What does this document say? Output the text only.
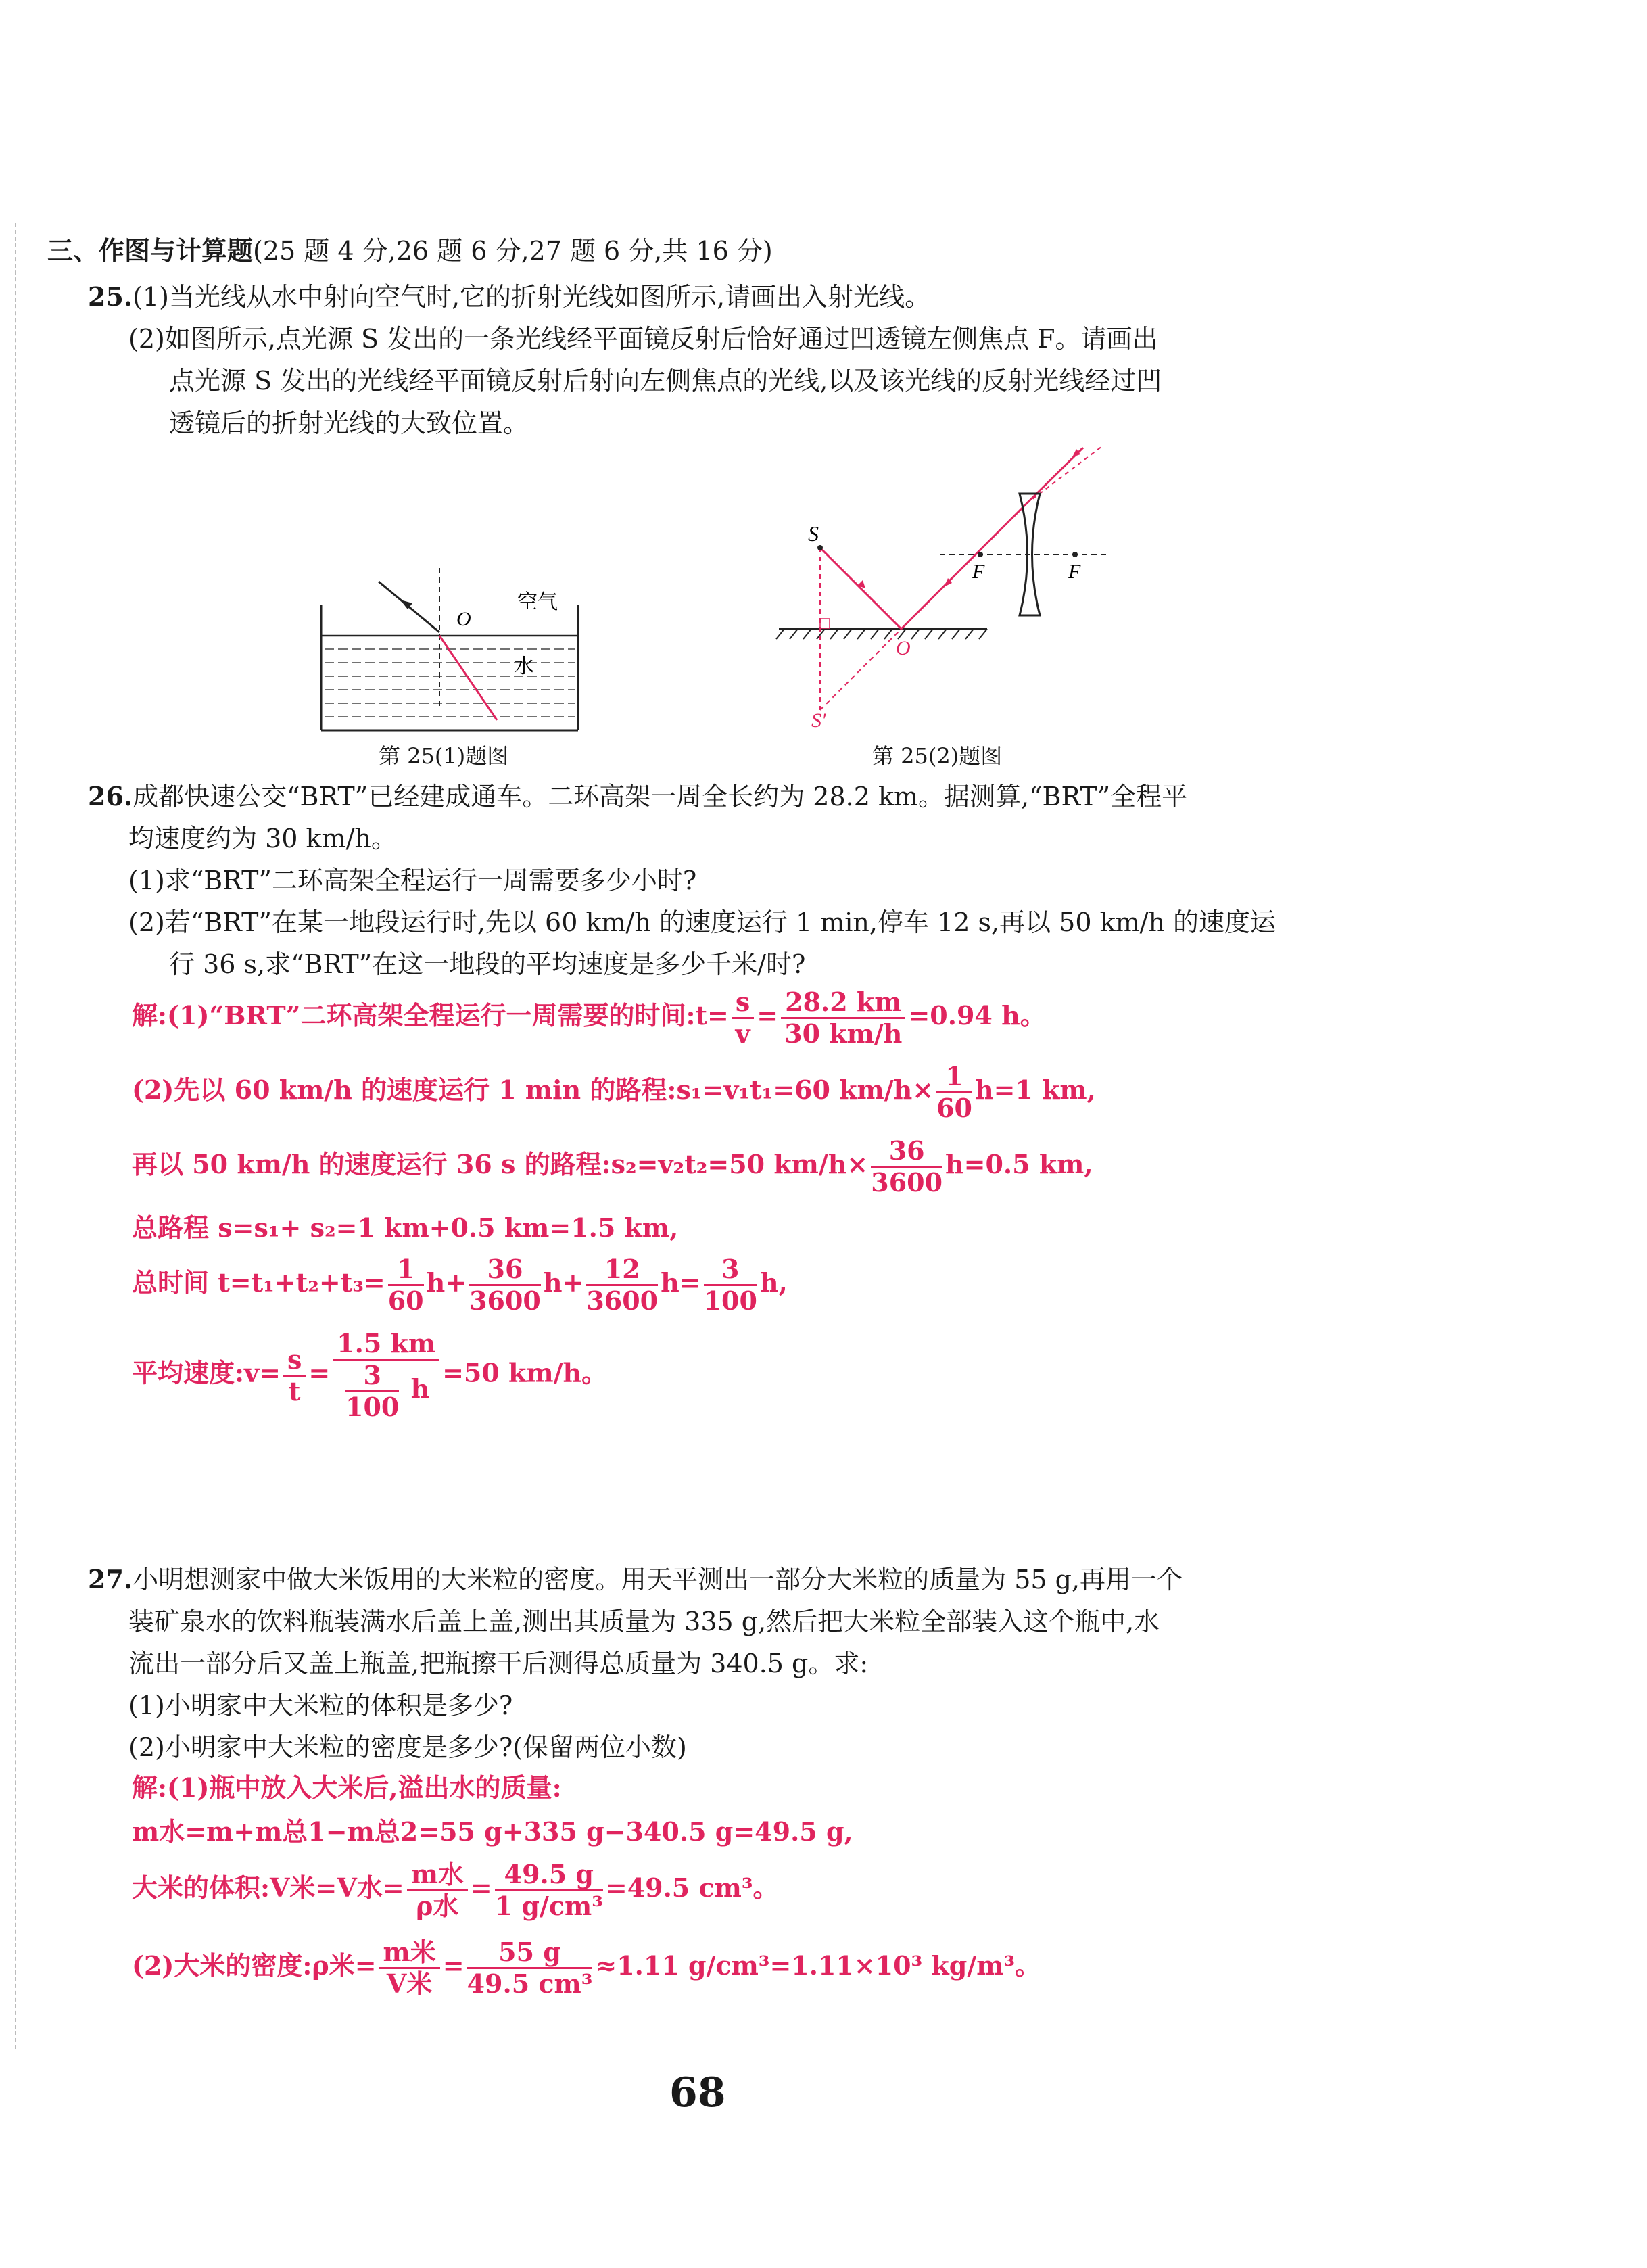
三、作图与计算题(25 题 4 分,26 题 6 分,27 题 6 分,共 16 分)
25.(1)当光线从水中射向空气时,它的折射光线如图所示,请画出入射光线。
(2)如图所示,点光源 S 发出的一条光线经平面镜反射后恰好通过凹透镜左侧焦点 F。请画出
点光源 S 发出的光线经平面镜反射后射向左侧焦点的光线,以及该光线的反射光线经过凹
透镜后的折射光线的大致位置。
O
空气
水
第 25(1)题图
S
S′
O
F	F
第 25(2)题图
26.成都快速公交“BRT”已经建成通车。二环高架一周全长约为 28.2 km。据测算,“BRT”全程平
均速度约为 30 km/h。
(1)求“BRT”二环高架全程运行一周需要多少小时?
(2)若“BRT”在某一地段运行时,先以 60 km/h 的速度运行 1 min,停车 12 s,再以 50 km/h 的速度运
行 36 s,求“BRT”在这一地段的平均速度是多少千米/时?
解:(1)“BRT”二环高架全程运行一周需要的时间:t= $\frac{s}{v} = \frac{28.2 km}{30 km/h} =0.94$ h。
(2)先以 60 km/h 的速度运行 1 min 的路程:s₁=v₁t₁=60 $km/h\times \frac{1}{60} h=1$ km,
再以 50 km/h 的速度运行 36 s 的路程:s₂=v₂t₂=50 $km/h\times \frac{36}{3600} h=0.5$ km,
总路程 s=s₁+ s₂=1 km+0.5 km=1.5 km,
总时间 $t=t_1+t_2+t_3= \frac{1}{60} h+ \frac{36}{3600} h+ \frac{12}{3600} h= \frac{3}{100} h$,
平均速度:v= $\frac{s}{t} = \frac{1.5 km}{\frac{3}{100} h} =50$ km/h。
27.小明想测家中做大米饭用的大米粒的密度。用天平测出一部分大米粒的质量为 55 g,再用一个
装矿泉水的饮料瓶装满水后盖上盖,测出其质量为 335 g,然后把大米粒全部装入这个瓶中,水
流出一部分后又盖上瓶盖,把瓶擦干后测得总质量为 340.5 g。求:
(1)小明家中大米粒的体积是多少?
(2)小明家中大米粒的密度是多少?(保留两位小数)
解:(1)瓶中放入大米后,溢出水的质量:
m水=m+m总1−m总2=55 g+335 g−340.5 g=49.5 g,
大米的体积:V米=V水= $\frac{\text{m水}}{\text{ρ水}} = \frac{49.5 g}{\text{1 g/cm³}} =49.5$ cm³。
(2)大米的密度:ρ米= $\frac{\text{m米}}{\text{V米}} = \frac{55 g}{\text{49.5 cm³}} \approx 1.11$ g/cm³=1.11×10³ kg/m³。
68
